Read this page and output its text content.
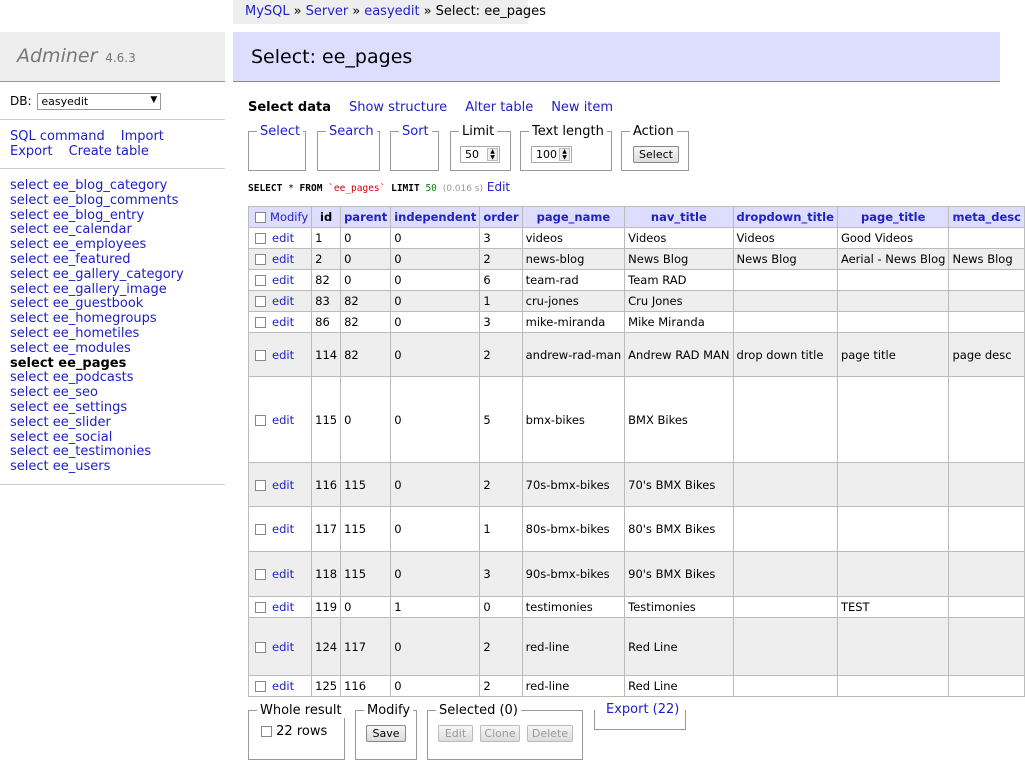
Adminer 4.6.3
DB: easyedit	▼
SQL command Import
Export Create table
select ee_blog_category
select ee_blog_comments
select ee_blog_entry
select ee_calendar
select ee_employees
select ee_featured
select ee_gallery_category
select ee_gallery_image
select ee_guestbook
select ee_homegroups
select ee_hometiles
select ee_modules
select ee_pages
select ee_podcasts
select ee_seo
select ee_settings
select ee_slider
select ee_social
select ee_testimonies
select ee_users
MySQL » Server » easyedit » Select: ee_pages
Select: ee_pages
Select data Show structure Alter table New item
Select Search Sort	Limit
50	▲
▼
Text length
100 ▲
▼
Action
Select
SELECT * FROM `ee_pages` LIMIT 50 (0.016 s) Edit
Modify	id	parent	independent	order	page_name	nav_title	dropdown_title	page_title	meta_desc
edit	1	0	0	3	videos	Videos	Videos	Good Videos	
edit	2	0	0	2	news-blog	News Blog	News Blog	Aerial - News Blog	News Blog
edit	82	0	0	6	team-rad	Team RAD			
edit	83	82	0	1	cru-jones	Cru Jones			
edit	86	82	0	3	mike-miranda	Mike Miranda			
edit	114	82	0	2	andrew-rad-man	Andrew RAD MAN	drop down title	page title	page desc
edit	115	0	0	5	bmx-bikes	BMX Bikes			
edit	116	115	0	2	70s-bmx-bikes	70's BMX Bikes			
edit	117	115	0	1	80s-bmx-bikes	80's BMX Bikes			
edit	118	115	0	3	90s-bmx-bikes	90's BMX Bikes			
edit	119	0	1	0	testimonies	Testimonies		TEST	
edit	124	117	0	2	red-line	Red Line			
edit	125	116	0	2	red-line	Red Line			
Whole result
22 rows
Modify
Save
Selected (0)
Edit	Clone	Delete
Export (22)
